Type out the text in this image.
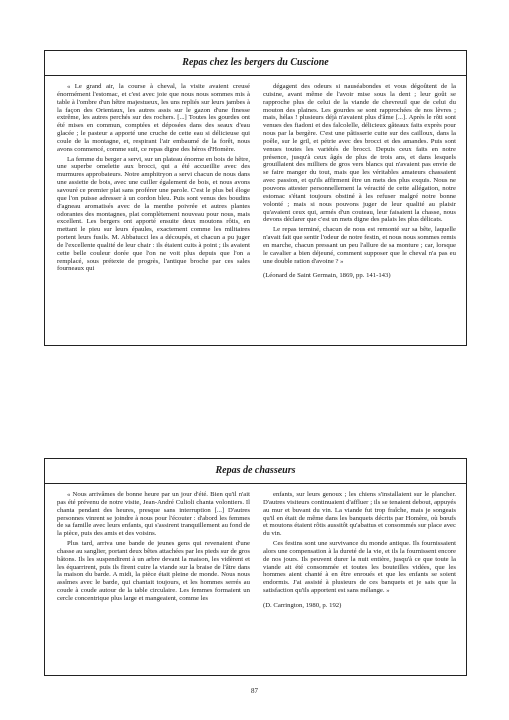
Repas chez les bergers du Cuscione

« Le grand air, la course à cheval, la visite avaient creusé énormément l'estomac, et c'est avec joie que nous nous sommes mis à table à l'ombre d'un hêtre majestueux, les uns repliés sur leurs jambes à la façon des Orientaux, les autres assis sur le gazon d'une finesse extrême, les autres perchés sur des rochers. [...] Toutes les gourdes ont été mises en commun, comptées et déposées dans des seaux d'eau glacée ; le pasteur a apporté une cruche de cette eau si délicieuse qui coule de la montagne, et, respirant l'air embaumé de la forêt, nous avons commencé, comme suit, ce repas digne des héros d'Homère.

La femme du berger a servi, sur un plateau énorme en bois de hêtre, une superbe omelette aux brocci, qui a été accueillie avec des murmures approbateurs. Notre amphitryon a servi chacun de nous dans une assiette de bois, avec une cuiller également de bois, et nous avons savouré ce premier plat sans proférer une parole. C'est le plus bel éloge que l'on puisse adresser à un cordon bleu. Puis sont venus des boudins d'agneau aromatisés avec de la menthe poivrée et autres plantes odorantes des montagnes, plat complètement nouveau pour nous, mais excellent. Les bergers ont apporté ensuite deux moutons rôtis, en mettant le pieu sur leurs épaules, exactement comme les militaires portent leurs fusils. M. Abbatucci les a découpés, et chacun a pu juger de l'excellente qualité de leur chair : ils étaient cuits à point ; ils avaient cette belle couleur dorée que l'on ne voit plus depuis que l'on a remplacé, sous prétexte de progrès, l'antique broche par ces sales fourneaux qui

dégagent des odeurs si nauséabondes et vous dégoûtent de la cuisine, avant même de l'avoir mise sous la dent ; leur goût se rapproche plus de celui de la viande de chevreuil que de celui du mouton des plaines. Les gourdes se sont rapprochées de nos lèvres ; mais, hélas ! plusieurs déjà n'avaient plus d'âme [...]. Après le rôti sont venues des fiadoni et des falcolelle, délicieux gâteaux faits exprès pour nous par la bergère. C'est une pâtisserie cuite sur des cailloux, dans la poêle, sur le gril, et pétrie avec des brocci et des amandes. Puis sont venues toutes les variétés de brocci. Depuis ceux faits en notre présence, jusqu'à ceux âgés de plus de trois ans, et dans lesquels grouillaient des milliers de gros vers blancs qui n'avaient pas envie de se faire manger du tout, mais que les véritables amateurs chassaient avec passion, et qu'ils affirment être un mets des plus exquis. Nous ne pouvons attester personnellement la véracité de cette allégation, notre estomac s'étant toujours obstiné à les refuser malgré notre bonne volonté ; mais si nous pouvons juger de leur qualité au plaisir qu'avaient ceux qui, armés d'un couteau, leur faisaient la chasse, nous devons déclarer que c'est un mets digne des palais les plus délicats.

Le repas terminé, chacun de nous est remonté sur sa bête, laquelle n'avait fait que sentir l'odeur de notre festin, et nous nous sommes remis en marche, chacun pressant un peu l'allure de sa monture ; car, lorsque le cavalier a bien déjeuné, comment supposer que le cheval n'a pas eu une double ration d'avoine ? »

(Léonard de Saint Germain, 1869, pp. 141-143)

Repas de chasseurs

« Nous arrivâmes de bonne heure par un jour d'été. Bien qu'il n'ait pas été prévenu de notre visite, Jean-André Culioli chanta volontiers. Il chanta pendant des heures, presque sans interruption [...] D'autres personnes vinrent se joindre à nous pour l'écouter : d'abord les femmes de sa famille avec leurs enfants, qui s'assirent tranquillement au fond de la pièce, puis des amis et des voisins.

Plus tard, arriva une bande de jeunes gens qui revenaient d'une chasse au sanglier, portant deux bêtes attachées par les pieds sur de gros bâtons. Ils les suspendirent à un arbre devant la maison, les vidèrent et les équarrirent, puis ils firent cuire la viande sur la braise de l'âtre dans la maison du barde. A midi, la pièce était pleine de monde. Nous nous assîmes avec le barde, qui chantait toujours, et les hommes serrés au coude à coude autour de la table circulaire. Les femmes formaient un cercle concentrique plus large et mangeaient, comme les

enfants, sur leurs genoux ; les chiens s'installaient sur le plancher. D'autres visiteurs continuaient d'affluer ; ils se tenaient debout, appuyés au mur et buvant du vin. La viande fut trop fraîche, mais je songeais qu'il en était de même dans les banquets décrits par Homère, où bœufs et moutons étaient rôtis aussitôt qu'abattus et consommés sur place avec du vin.

Ces festins sont une survivance du monde antique. Ils fournissaient alors une compensation à la dureté de la vie, et ils la fournissent encore de nos jours. Ils peuvent durer la nuit entière, jusqu'à ce que toute la viande ait été consommée et toutes les bouteilles vidées, que les hommes aient chanté à en être enroués et que les enfants se soient endormis. J'ai assisté à plusieurs de ces banquets et je sais que la satisfaction qu'ils apportent est sans mélange. »

(D. Carrington, 1980, p. 192)

87
